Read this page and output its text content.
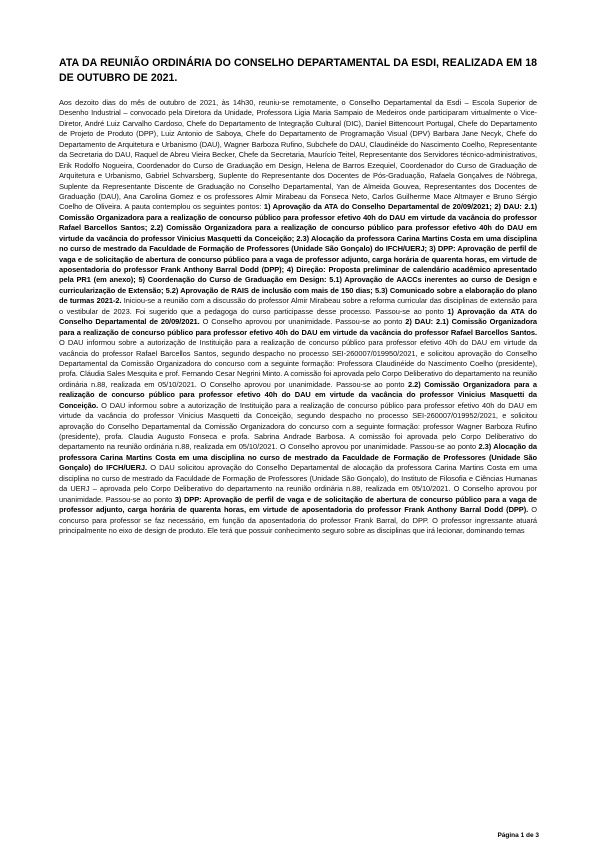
ATA DA REUNIÃO ORDINÁRIA DO CONSELHO DEPARTAMENTAL DA ESDI, REALIZADA EM 18 DE OUTUBRO DE 2021.
Aos dezoito dias do mês de outubro de 2021, às 14h30, reuniu-se remotamente, o Conselho Departamental da Esdi – Escola Superior de Desenho Industrial – convocado pela Diretora da Unidade, Professora Ligia Maria Sampaio de Medeiros onde participaram virtualmente o Vice-Diretor, André Luiz Carvalho Cardoso, Chefe do Departamento de Integração Cultural (DIC), Daniel Bittencourt Portugal, Chefe do Departamento de Projeto de Produto (DPP), Luiz Antonio de Saboya, Chefe do Departamento de Programação Visual (DPV) Barbara Jane Necyk, Chefe do Departamento de Arquitetura e Urbanismo (DAU), Wagner Barboza Rufino, Subchefe do DAU, Claudinéide do Nascimento Coelho, Representante da Secretaria do DAU, Raquel de Abreu Vieira Becker, Chefe da Secretaria, Maurício Teitel, Representante dos Servidores técnico-administrativos, Erik Rodolfo Nogueira, Coordenador do Curso de Graduação em Design, Helena de Barros Ezequiel, Coordenador do Curso de Graduação de Arquitetura e Urbanismo, Gabriel Schvarsberg, Suplente do Representante dos Docentes de Pós-Graduação, Rafaela Gonçalves de Nóbrega, Suplente da Representante Discente de Graduação no Conselho Departamental, Yan de Almeida Gouvea, Representantes dos Docentes de Graduação (DAU), Ana Carolina Gomez e os professores Almir Mirabeau da Fonseca Neto, Carlos Guilherme Mace Altmayer e Bruno Sérgio Coelho de Oliveira. A pauta contemplou os seguintes pontos: 1) Aprovação da ATA do Conselho Departamental de 20/09/2021; 2) DAU: 2.1) Comissão Organizadora para a realização de concurso público para professor efetivo 40h do DAU em virtude da vacância do professor Rafael Barcellos Santos; 2.2) Comissão Organizadora para a realização de concurso público para professor efetivo 40h do DAU em virtude da vacância do professor Vinicius Masquetti da Conceição; 2.3) Alocação da professora Carina Martins Costa em uma disciplina no curso de mestrado da Faculdade de Formação de Professores (Unidade São Gonçalo) do IFCH/UERJ; 3) DPP: Aprovação de perfil de vaga e de solicitação de abertura de concurso público para a vaga de professor adjunto, carga horária de quarenta horas, em virtude de aposentadoria do professor Frank Anthony Barral Dodd (DPP); 4) Direção: Proposta preliminar de calendário acadêmico apresentado pela PR1 (em anexo); 5) Coordenação do Curso de Graduação em Design: 5.1) Aprovação de AACCs inerentes ao curso de Design e curricularização de Extensão; 5.2) Aprovação de RAIS de inclusão com mais de 150 dias; 5.3) Comunicado sobre a elaboração do plano de turmas 2021-2. Iniciou-se a reunião com a discussão do professor Almir Mirabeau sobre a reforma curricular das disciplinas de extensão para o vestibular de 2023. Foi sugerido que a pedagoga do curso participasse desse processo. Passou-se ao ponto 1) Aprovação da ATA do Conselho Departamental de 20/09/2021. O Conselho aprovou por unanimidade. Passou-se ao ponto 2) DAU: 2.1) Comissão Organizadora para a realização de concurso público para professor efetivo 40h do DAU em virtude da vacância do professor Rafael Barcellos Santos. O DAU informou sobre a autorização de Instituição para a realização de concurso público para professor efetivo 40h do DAU em virtude da vacância do professor Rafael Barcellos Santos, segundo despacho no processo SEI-260007/019950/2021, e solicitou aprovação do Conselho Departamental da Comissão Organizadora do concurso com a seguinte formação: Professora Claudinéide do Nascimento Coelho (presidente), profa. Cláudia Sales Mesquita e prof. Fernando Cesar Negrini Minto. A comissão foi aprovada pelo Corpo Deliberativo do departamento na reunião ordinária n.88, realizada em 05/10/2021. O Conselho aprovou por unanimidade. Passou-se ao ponto 2.2) Comissão Organizadora para a realização de concurso público para professor efetivo 40h do DAU em virtude da vacância do professor Vinicius Masquetti da Conceição. O DAU informou sobre a autorização de Instituição para a realização de concurso público para professor efetivo 40h do DAU em virtude da vacância do professor Vinicius Masquetti da Conceição, segundo despacho no processo SEI-260007/019952/2021, e solicitou aprovação do Conselho Departamental da Comissão Organizadora do concurso com a seguinte formação: professor Wagner Barboza Rufino (presidente), profa. Claudia Augusto Fonseca e profa. Sabrina Andrade Barbosa. A comissão foi aprovada pelo Corpo Deliberativo do departamento na reunião ordinária n.88, realizada em 05/10/2021. O Conselho aprovou por unanimidade. Passou-se ao ponto 2.3) Alocação da professora Carina Martins Costa em uma disciplina no curso de mestrado da Faculdade de Formação de Professores (Unidade São Gonçalo) do IFCH/UERJ. O DAU solicitou aprovação do Conselho Departamental de alocação da professora Carina Martins Costa em uma disciplina no curso de mestrado da Faculdade de Formação de Professores (Unidade São Gonçalo), do Instituto de Filosofia e Ciências Humanas da UERJ – aprovada pelo Corpo Deliberativo do departamento na reunião ordinária n.88, realizada em 05/10/2021. O Conselho aprovou por unanimidade. Passou-se ao ponto 3) DPP: Aprovação de perfil de vaga e de solicitação de abertura de concurso público para a vaga de professor adjunto, carga horária de quarenta horas, em virtude de aposentadoria do professor Frank Anthony Barral Dodd (DPP). O concurso para professor se faz necessário, em função da aposentadoria do professor Frank Barral, do DPP. O professor ingressante atuará principalmente no eixo de design de produto. Ele terá que possuir conhecimento seguro sobre as disciplinas que irá lecionar, dominando temas
Página 1 de 3
